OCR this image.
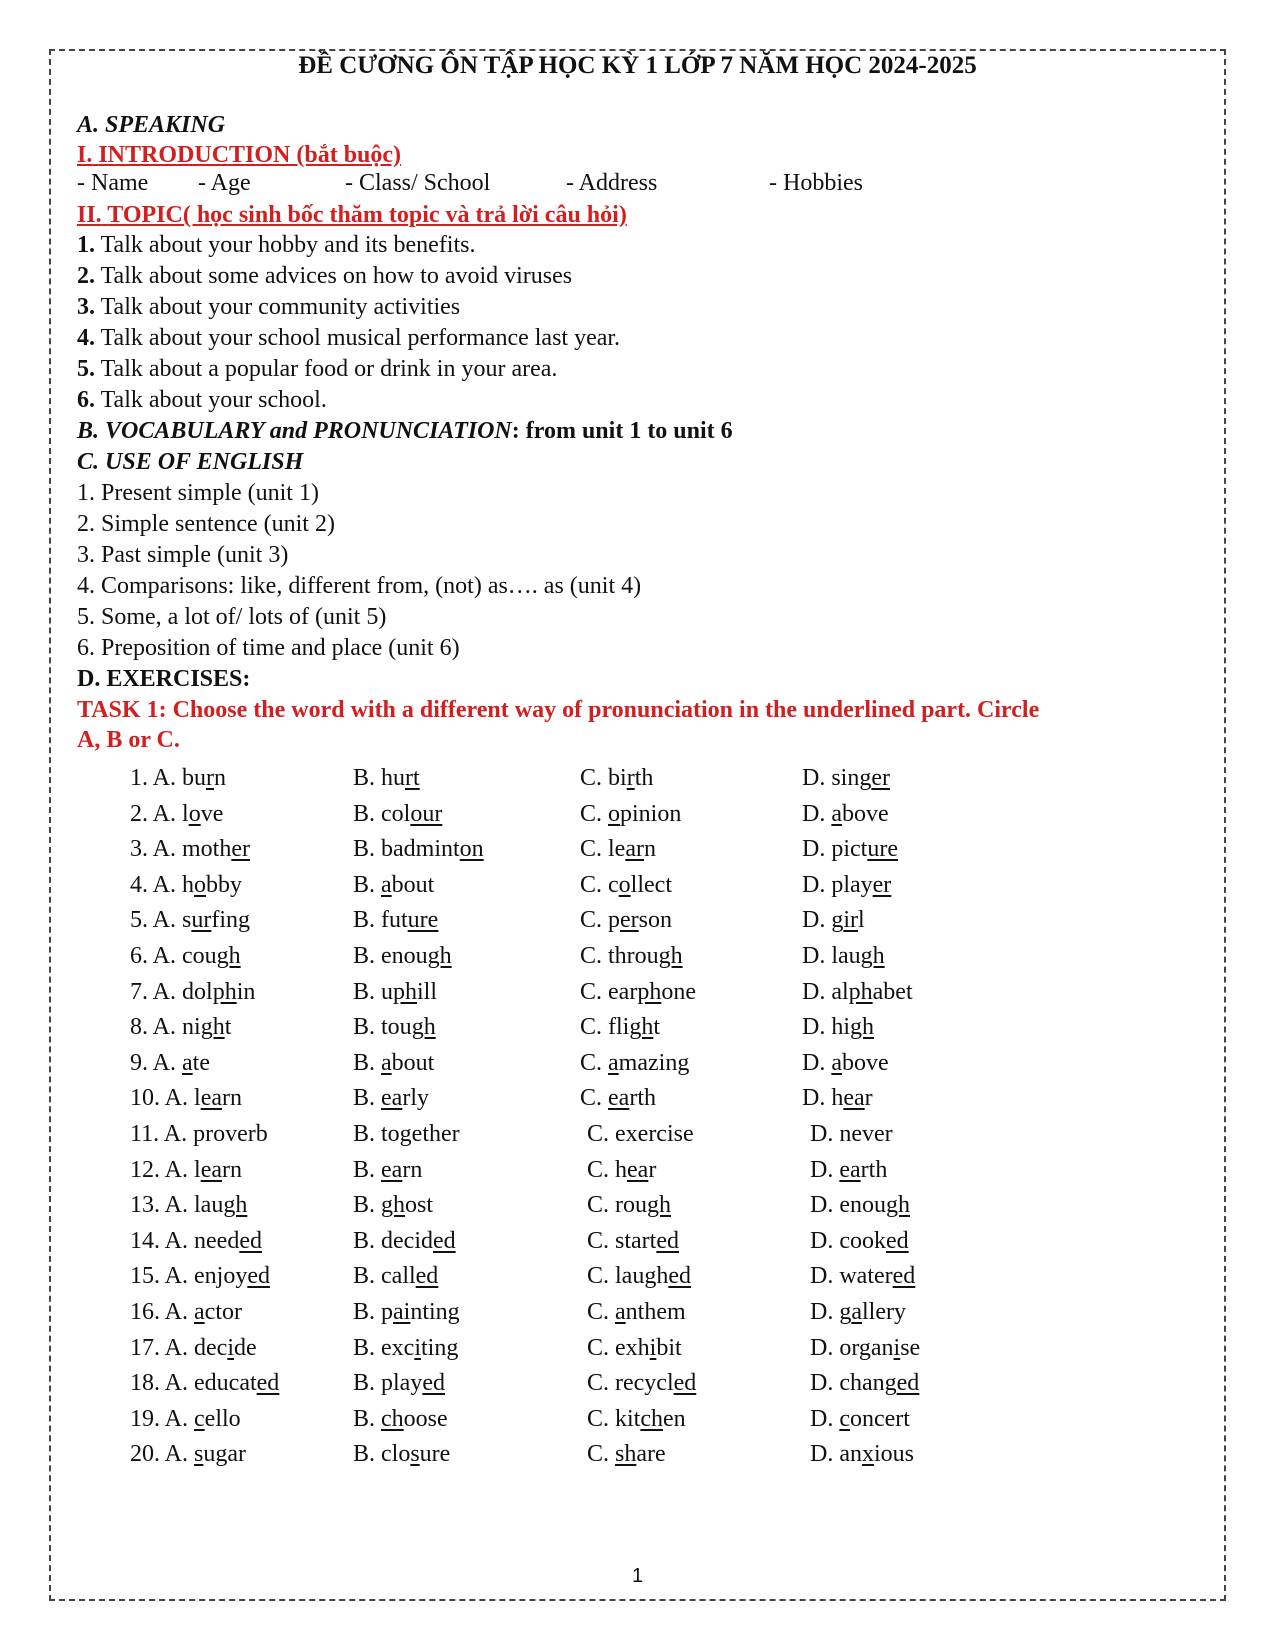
ĐỀ CƯƠNG ÔN TẬP HỌC KỲ 1 LỚP 7 NĂM HỌC 2024-2025
A. SPEAKING
I. INTRODUCTION (bắt buộc)
- Name - Age	- Class/ School	- Address	- Hobbies
II. TOPIC( học sinh bốc thăm topic và trả lời câu hỏi)
1. Talk about your hobby and its benefits.
2. Talk about some advices on how to avoid viruses
3. Talk about your community activities
4. Talk about your school musical performance last year.
5. Talk about a popular food or drink in your area.
6. Talk about your school.
B. VOCABULARY and PRONUNCIATION: from unit 1 to unit 6
C. USE OF ENGLISH
1. Present simple (unit 1)
2. Simple sentence (unit 2)
3. Past simple (unit 3)
4. Comparisons: like, different from, (not) as…. as (unit 4)
5. Some, a lot of/ lots of (unit 5)
6. Preposition of time and place (unit 6)
D. EXERCISES:
TASK 1: Choose the word with a different way of pronunciation in the underlined part. Circle
A, B or C.
1. A. burn	B. hurt	C. birth	D. singer
2. A. love	B. colour	C. opinion	D. above
3. A. mother	B. badminton	C. learn	D. picture
4. A. hobby	B. about	C. collect	D. player
5. A. surfing	B. future	C. person	D. girl
6. A. cough	B. enough	C. through	D. laugh
7. A. dolphin	B. uphill	C. earphone	D. alphabet
8. A. night	B. tough	C. flight	D. high
9. A. ate	B. about	C. amazing	D. above
10. A. learn	B. early	C. earth	D. hear
11. A. proverb	B. together	C. exercise	D. never
12. A. learn	B. earn	C. hear	D. earth
13. A. laugh	B. ghost	C. rough	D. enough
14. A. needed	B. decided	C. started	D. cooked
15. A. enjoyed	B. called	C. laughed	D. watered
16. A. actor	B. painting	C. anthem	D. gallery
17. A. decide	B. exciting	C. exhibit	D. organise
18. A. educated	B. played	C. recycled	D. changed
19. A. cello	B. choose	C. kitchen	D. concert
20. A. sugar	B. closure	C. share	D. anxious
1
